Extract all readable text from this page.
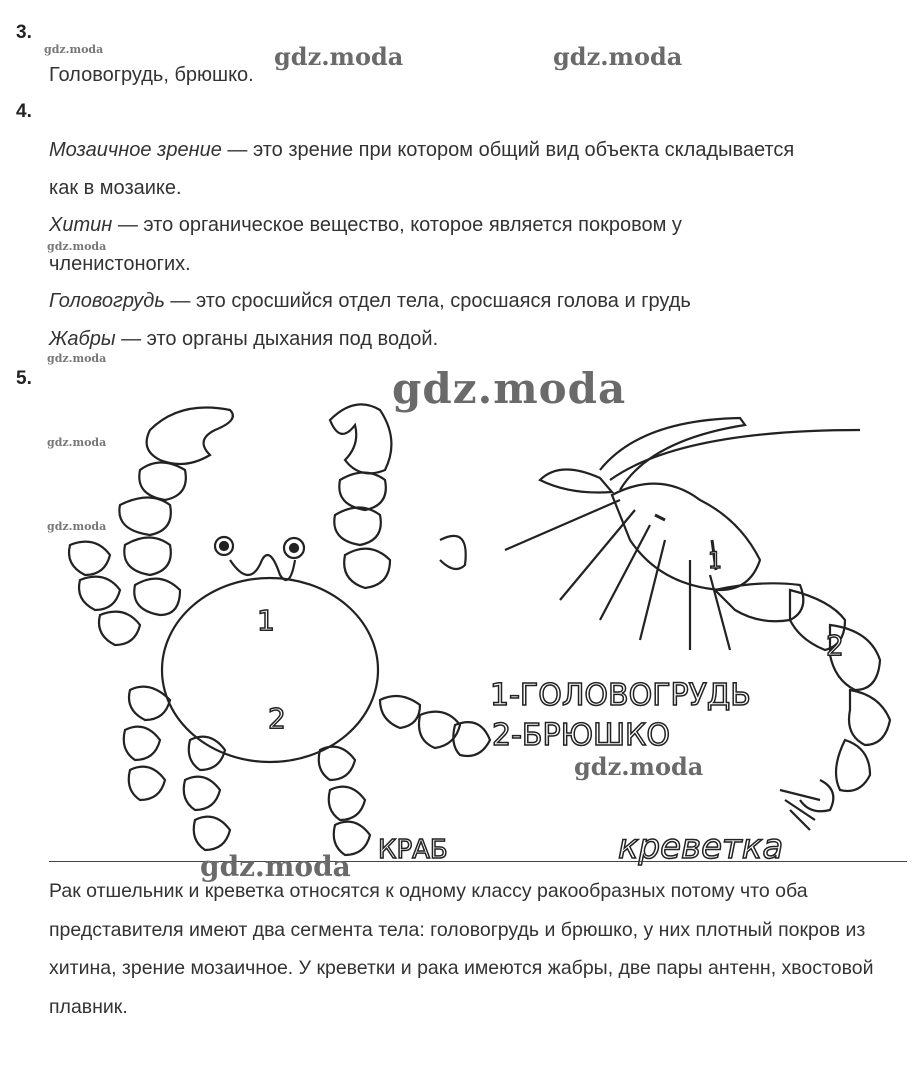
3.
Головогрудь, брюшко.
4.
Мозаичное зрение — это зрение при котором общий вид объекта складывается
как в мозаике.
Хитин — это органическое вещество, которое является покровом у
членистоногих.
Головогрудь — это сросшийся отдел тела, сросшаяся голова и грудь
Жабры — это органы дыхания под водой.
5.
1
2
1-ГОЛОВОГРУДЬ
2-БРЮШКО
КРАБ
2
1
креветка
Рак отшельник и креветка относятся к одному классу ракообразных потому что оба представителя имеют два сегмента тела: головогрудь и брюшко, у них плотный покров из хитина, зрение мозаичное. У креветки и рака имеются жабры, две пары антенн, хвостовой плавник.
gdz.moda	gdz.moda	gdz.moda
gdz.moda
gdz.moda
gdz.moda
gdz.moda
gdz.moda
gdz.moda
gdz.moda
